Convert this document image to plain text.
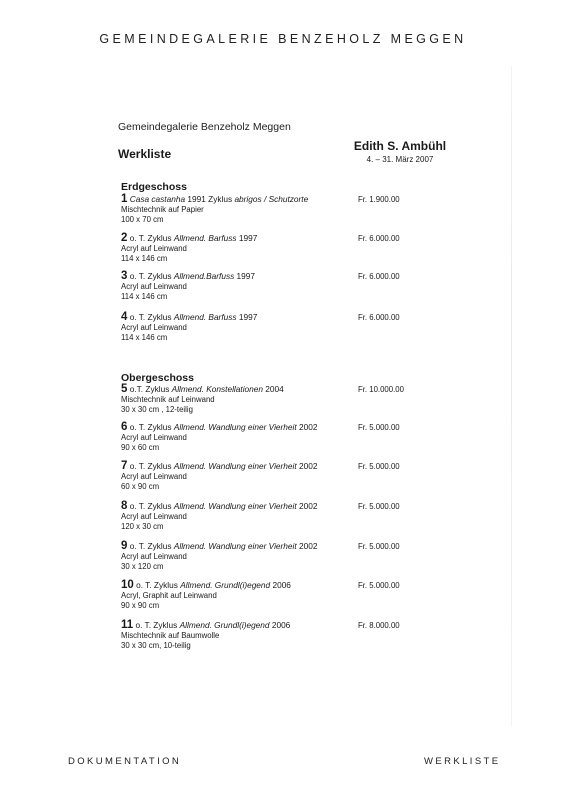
GEMEINDEGALERIE BENZEHOLZ MEGGEN
Gemeindegalerie Benzeholz Meggen
Werkliste
Edith S. Ambühl
4. – 31. März 2007
Erdgeschoss
1 Casa castanha 1991 Zyklus abrigos / Schutzorte
Mischtechnik auf Papier
100 x 70 cm
Fr. 1.900.00
2 o. T. Zyklus Allmend. Barfuss 1997
Acryl auf Leinwand
114 x 146 cm
Fr. 6.000.00
3 o. T. Zyklus Allmend.Barfuss 1997
Acryl auf Leinwand
114 x 146 cm
Fr. 6.000.00
4 o. T. Zyklus Allmend. Barfuss 1997
Acryl auf Leinwand
114 x 146 cm
Fr. 6.000.00
Obergeschoss
5 o.T. Zyklus Allmend. Konstellationen 2004
Mischtechnik auf Leinwand
30 x 30 cm , 12-teilig
Fr. 10.000.00
6 o. T. Zyklus Allmend. Wandlung einer Vierheit 2002
Acryl auf Leinwand
90 x 60 cm
Fr. 5.000.00
7 o. T. Zyklus Allmend. Wandlung einer Vierheit 2002
Acryl auf Leinwand
60 x 90 cm
Fr. 5.000.00
8 o. T. Zyklus Allmend. Wandlung einer Vierheit 2002
Acryl auf Leinwand
120 x 30 cm
Fr. 5.000.00
9 o. T. Zyklus Allmend. Wandlung einer Vierheit 2002
Acryl auf Leinwand
30 x 120 cm
Fr. 5.000.00
10 o. T. Zyklus Allmend. Grundl(i)egend 2006
Acryl, Graphit auf Leinwand
90 x 90 cm
Fr. 5.000.00
11 o. T. Zyklus Allmend. Grundl(i)egend 2006
Mischtechnik auf Baumwolle
30 x 30 cm, 10-teilig
Fr. 8.000.00
DOKUMENTATION	WERKLISTE
